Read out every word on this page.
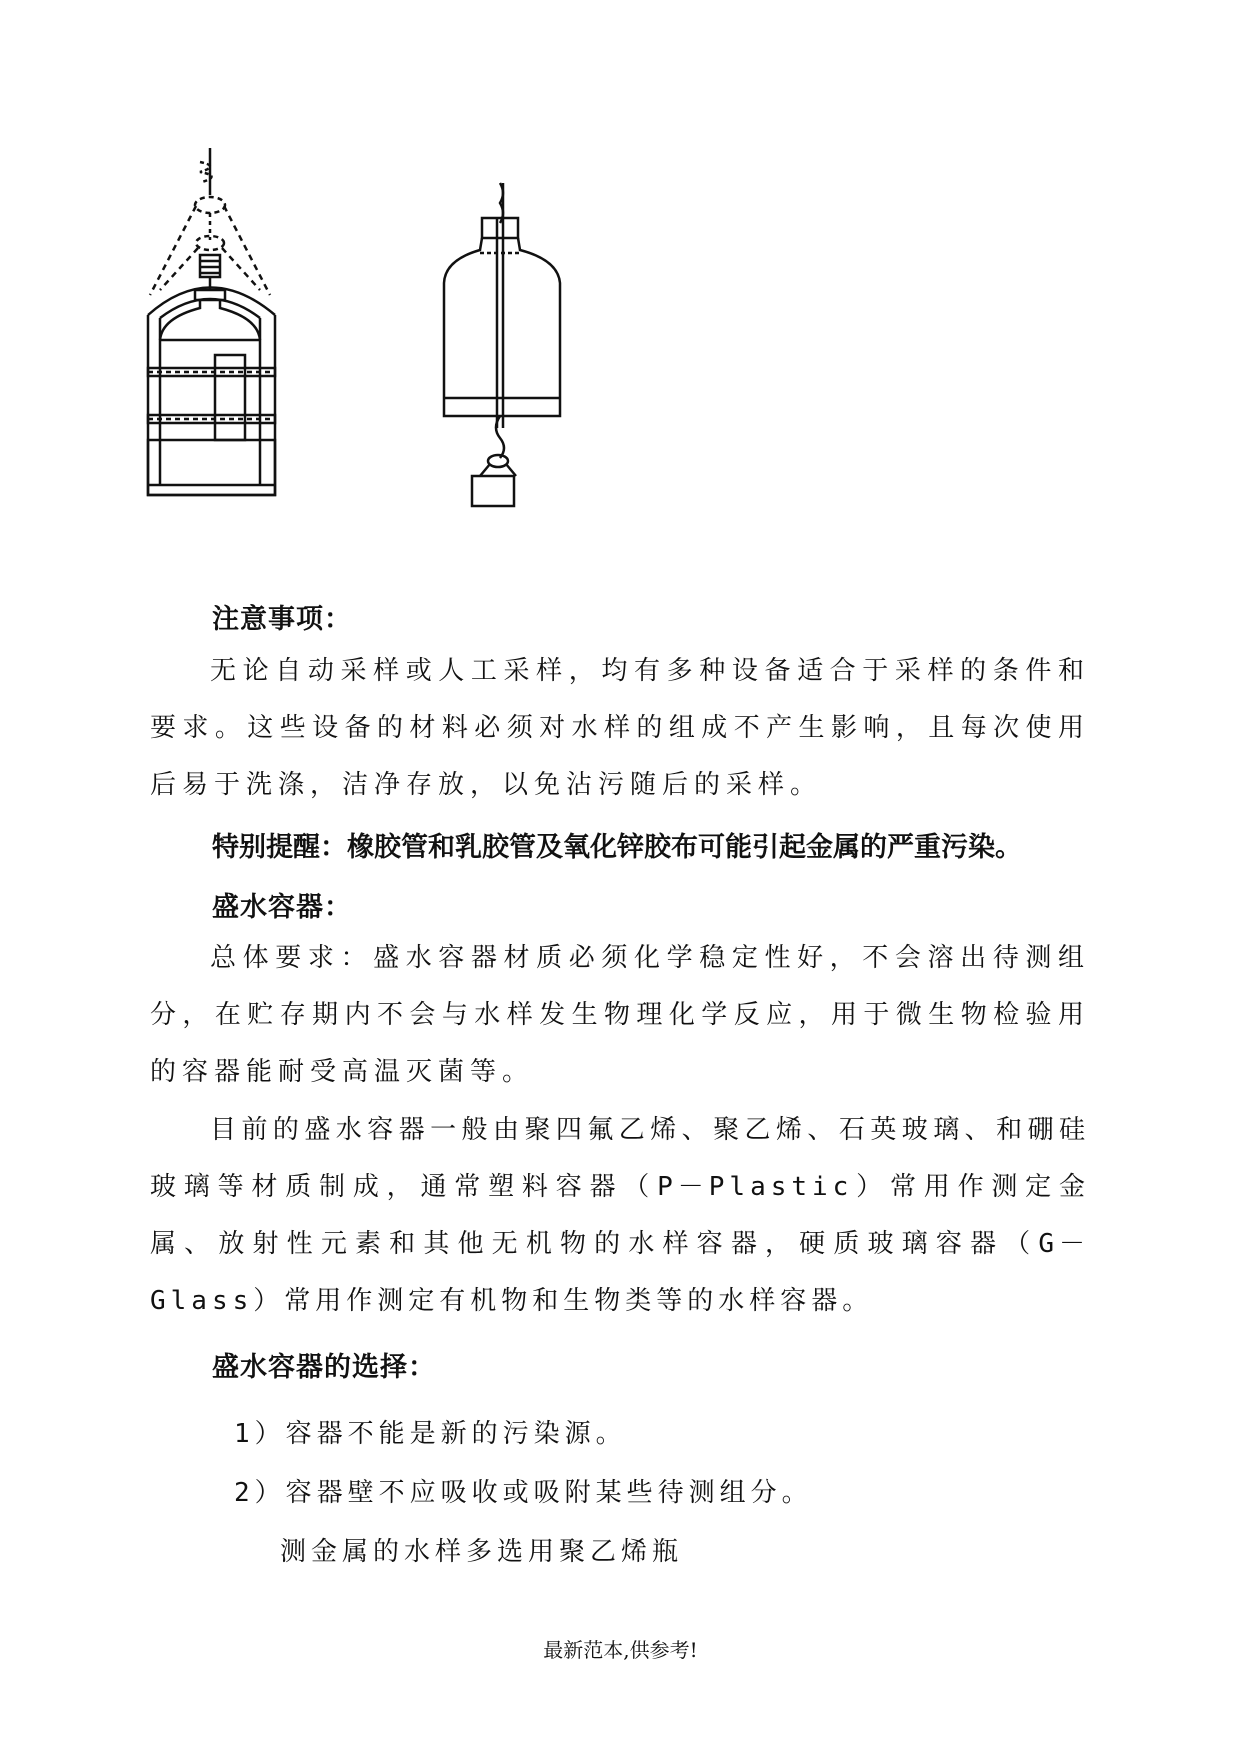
注意事项：

无论自动采样或人工采样，均有多种设备适合于采样的条件和要求。这些设备的材料必须对水样的组成不产生影响，且每次使用后易于洗涤，洁净存放，以免沾污随后的采样。

特别提醒：橡胶管和乳胶管及氧化锌胶布可能引起金属的严重污染。

盛水容器：

总体要求：盛水容器材质必须化学稳定性好，不会溶出待测组分，在贮存期内不会与水样发生物理化学反应，用于微生物检验用的容器能耐受高温灭菌等。

目前的盛水容器一般由聚四氟乙烯、聚乙烯、石英玻璃、和硼硅玻璃等材质制成，通常塑料容器（P－Plastic）常用作测定金属、放射性元素和其他无机物的水样容器，硬质玻璃容器（G－Glass）常用作测定有机物和生物类等的水样容器。

盛水容器的选择：

1）容器不能是新的污染源。

2）容器壁不应吸收或吸附某些待测组分。

测金属的水样多选用聚乙烯瓶

最新范本,供参考!
